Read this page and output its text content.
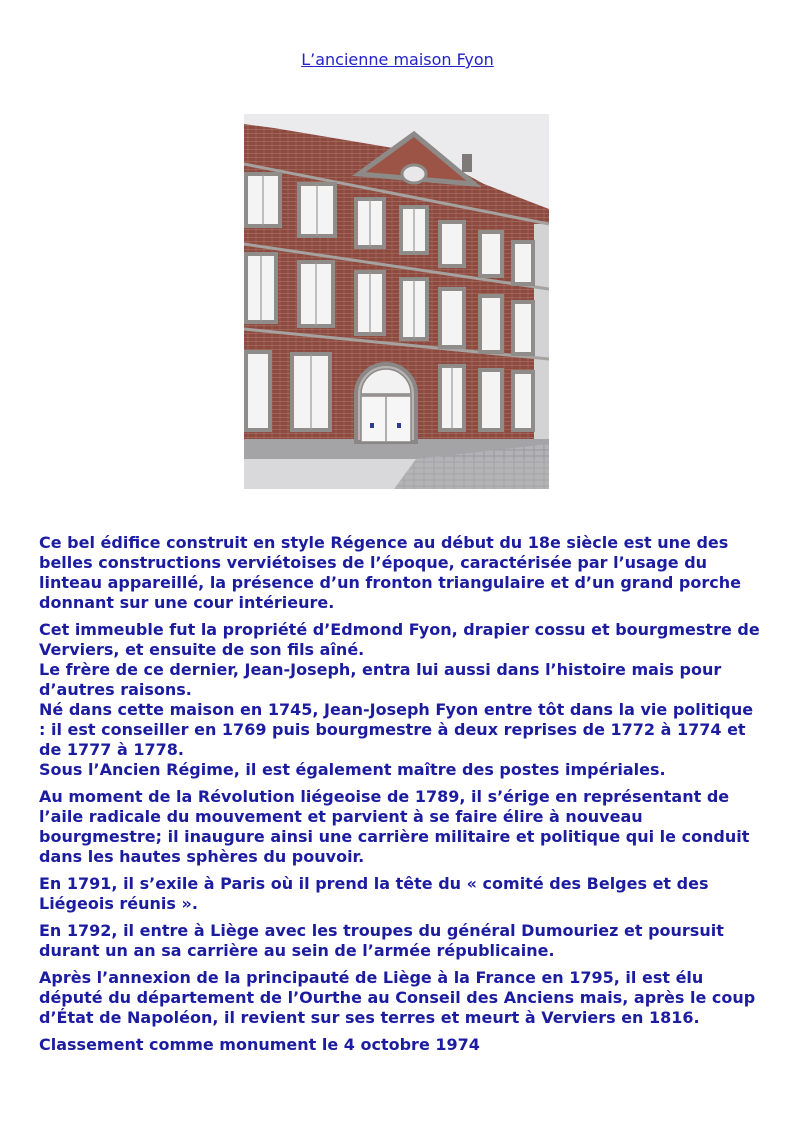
L’ancienne maison Fyon

Ce bel édifice construit en style Régence au début du 18e siècle est une des belles constructions verviétoises de l’époque, caractérisée par l’usage du linteau appareillé, la présence d’un fronton triangulaire et d’un grand porche donnant sur une cour intérieure.

Cet immeuble fut la propriété d’Edmond Fyon, drapier cossu et bourgmestre de Verviers, et ensuite de son fils aîné.
Le frère de ce dernier, Jean-Joseph, entra lui aussi dans l’histoire mais pour d’autres raisons.
Né dans cette maison en 1745, Jean-Joseph Fyon entre tôt dans la vie politique : il est conseiller en 1769 puis bourgmestre à deux reprises de 1772 à 1774 et de 1777 à 1778.
Sous l’Ancien Régime, il est également maître des postes impériales.

Au moment de la Révolution liégeoise de 1789, il s’érige en représentant de l’aile radicale du mouvement et parvient à se faire élire à nouveau bourgmestre; il inaugure ainsi une carrière militaire et politique qui le conduit dans les hautes sphères du pouvoir.

En 1791, il s’exile à Paris où il prend la tête du « comité des Belges et des Liégeois réunis ».

En 1792, il entre à Liège avec les troupes du général Dumouriez et poursuit durant un an sa carrière au sein de l’armée républicaine.

Après l’annexion de la principauté de Liège à la France en 1795, il est élu député du département de l’Ourthe au Conseil des Anciens mais, après le coup d’État de Napoléon, il revient sur ses terres et meurt à Verviers en 1816.

Classement comme monument le 4 octobre 1974
